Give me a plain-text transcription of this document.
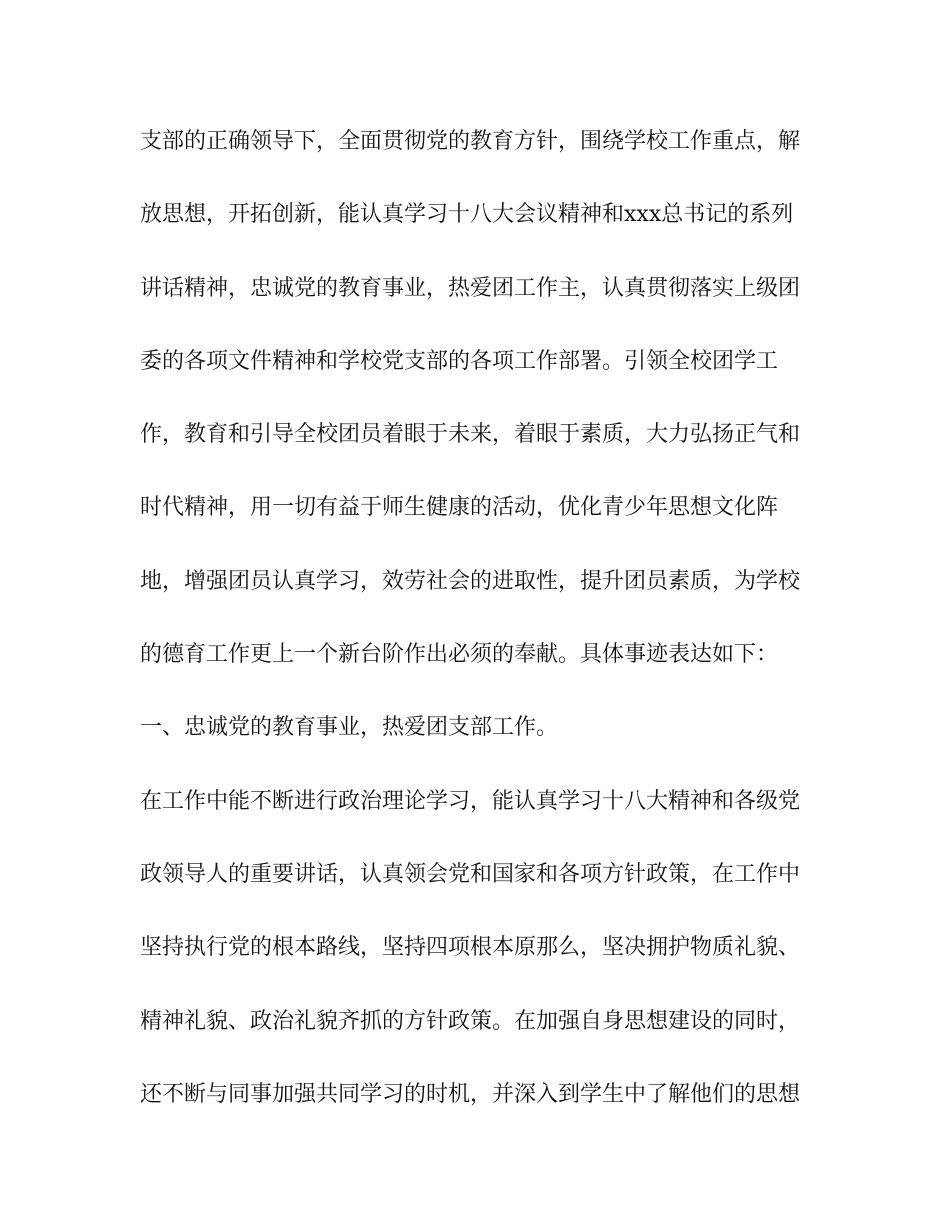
支部的正确领导下，全面贯彻党的教育方针，围绕学校工作重点，解
放思想，开拓创新，能认真学习十八大会议精神和xxx总书记的系列
讲话精神，忠诚党的教育事业，热爱团工作主，认真贯彻落实上级团
委的各项文件精神和学校党支部的各项工作部署。引领全校团学工
作，教育和引导全校团员着眼于未来，着眼于素质，大力弘扬正气和
时代精神，用一切有益于师生健康的活动，优化青少年思想文化阵
地，增强团员认真学习，效劳社会的进取性，提升团员素质，为学校
的德育工作更上一个新台阶作出必须的奉献。具体事迹表达如下：
一、忠诚党的教育事业，热爱团支部工作。
在工作中能不断进行政治理论学习，能认真学习十八大精神和各级党
政领导人的重要讲话，认真领会党和国家和各项方针政策，在工作中
坚持执行党的根本路线，坚持四项根本原那么，坚决拥护物质礼貌、
精神礼貌、政治礼貌齐抓的方针政策。在加强自身思想建设的同时，
还不断与同事加强共同学习的时机，并深入到学生中了解他们的思想
